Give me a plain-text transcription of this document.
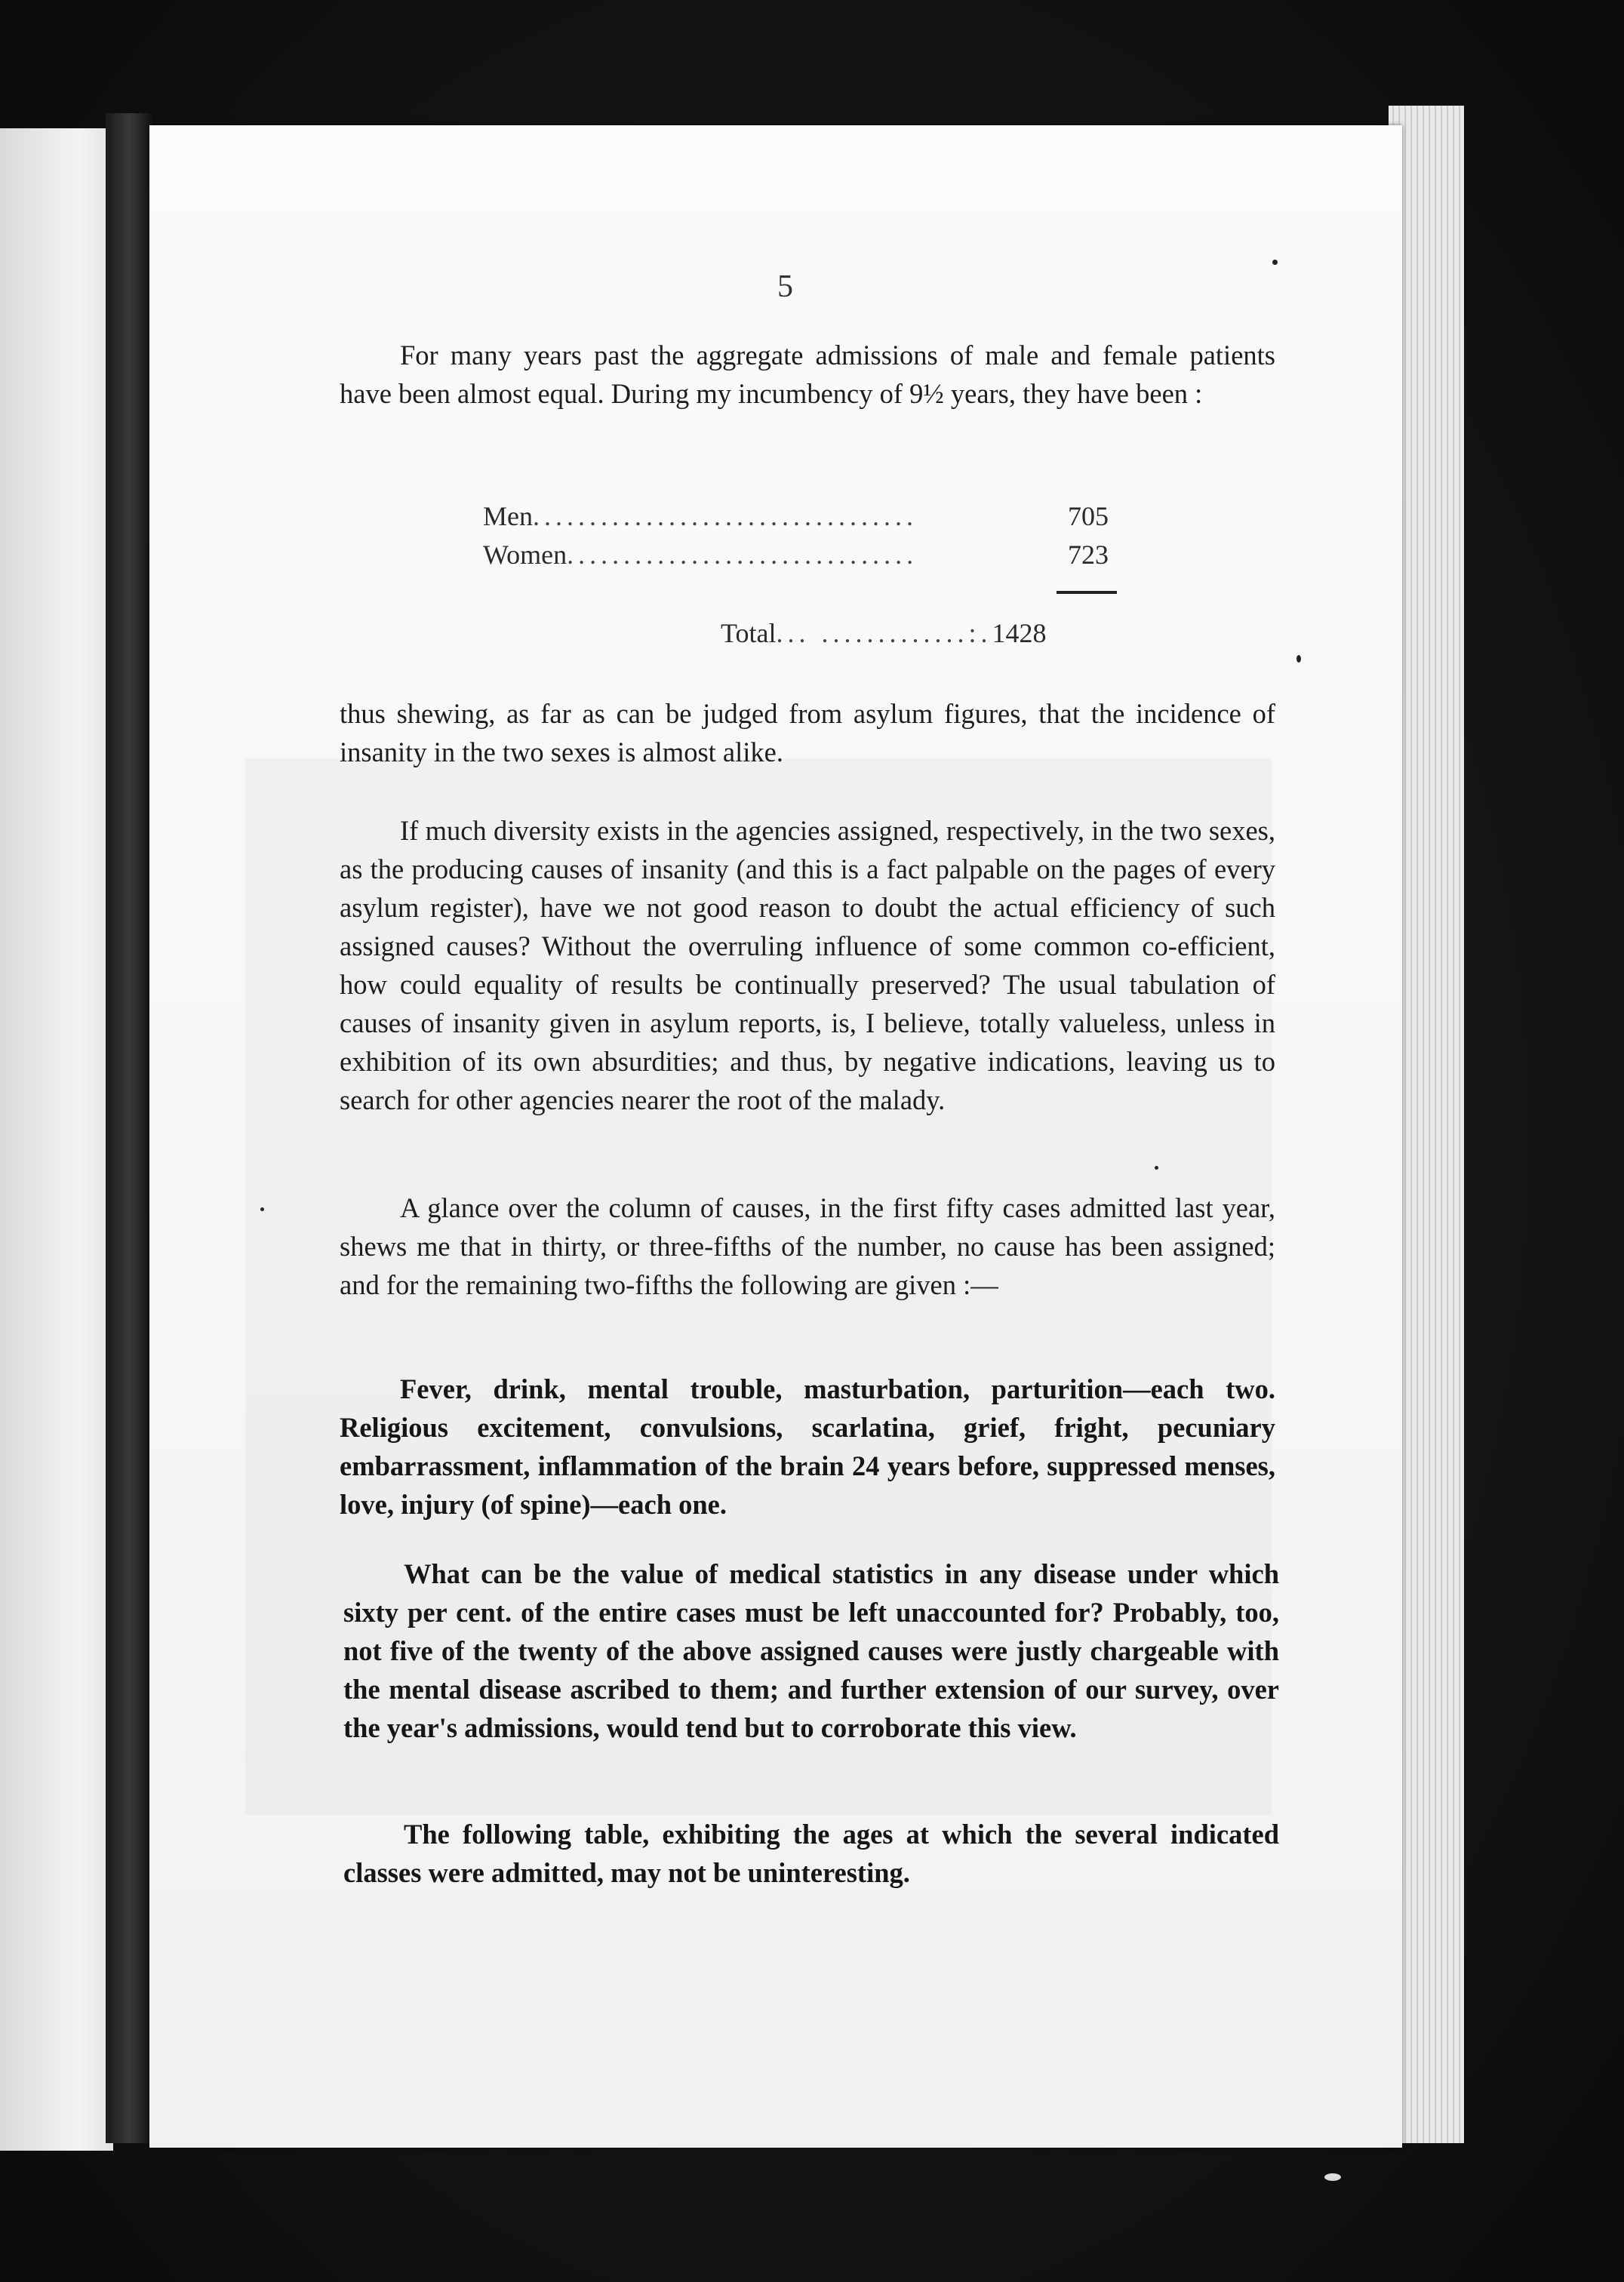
5

For many years past the aggregate admissions of male and female patients have been almost equal. During my incumbency of 9½ years, they have been :

Men..................................	705
Women...............................	723
Total... .............:.1428

thus shewing, as far as can be judged from asylum figures, that the incidence of insanity in the two sexes is almost alike.

If much diversity exists in the agencies assigned, respectively, in the two sexes, as the producing causes of insanity (and this is a fact palpable on the pages of every asylum register), have we not good reason to doubt the actual efficiency of such assigned causes? Without the overruling influence of some common co-efficient, how could equality of results be continually preserved? The usual tabulation of causes of insanity given in asylum reports, is, I believe, totally valueless, unless in exhibition of its own absurdities; and thus, by negative indications, leaving us to search for other agencies nearer the root of the malady.

A glance over the column of causes, in the first fifty cases admitted last year, shews me that in thirty, or three-fifths of the number, no cause has been assigned; and for the remaining two-fifths the following are given :—

Fever, drink, mental trouble, masturbation, parturition—each two. Religious excitement, convulsions, scarlatina, grief, fright, pecuniary embarrassment, inflammation of the brain 24 years before, suppressed menses, love, injury (of spine)—each one.

What can be the value of medical statistics in any disease under which sixty per cent. of the entire cases must be left unaccounted for? Probably, too, not five of the twenty of the above assigned causes were justly chargeable with the mental disease ascribed to them; and further extension of our survey, over the year's admissions, would tend but to corroborate this view.

The following table, exhibiting the ages at which the several indicated classes were admitted, may not be uninteresting.
